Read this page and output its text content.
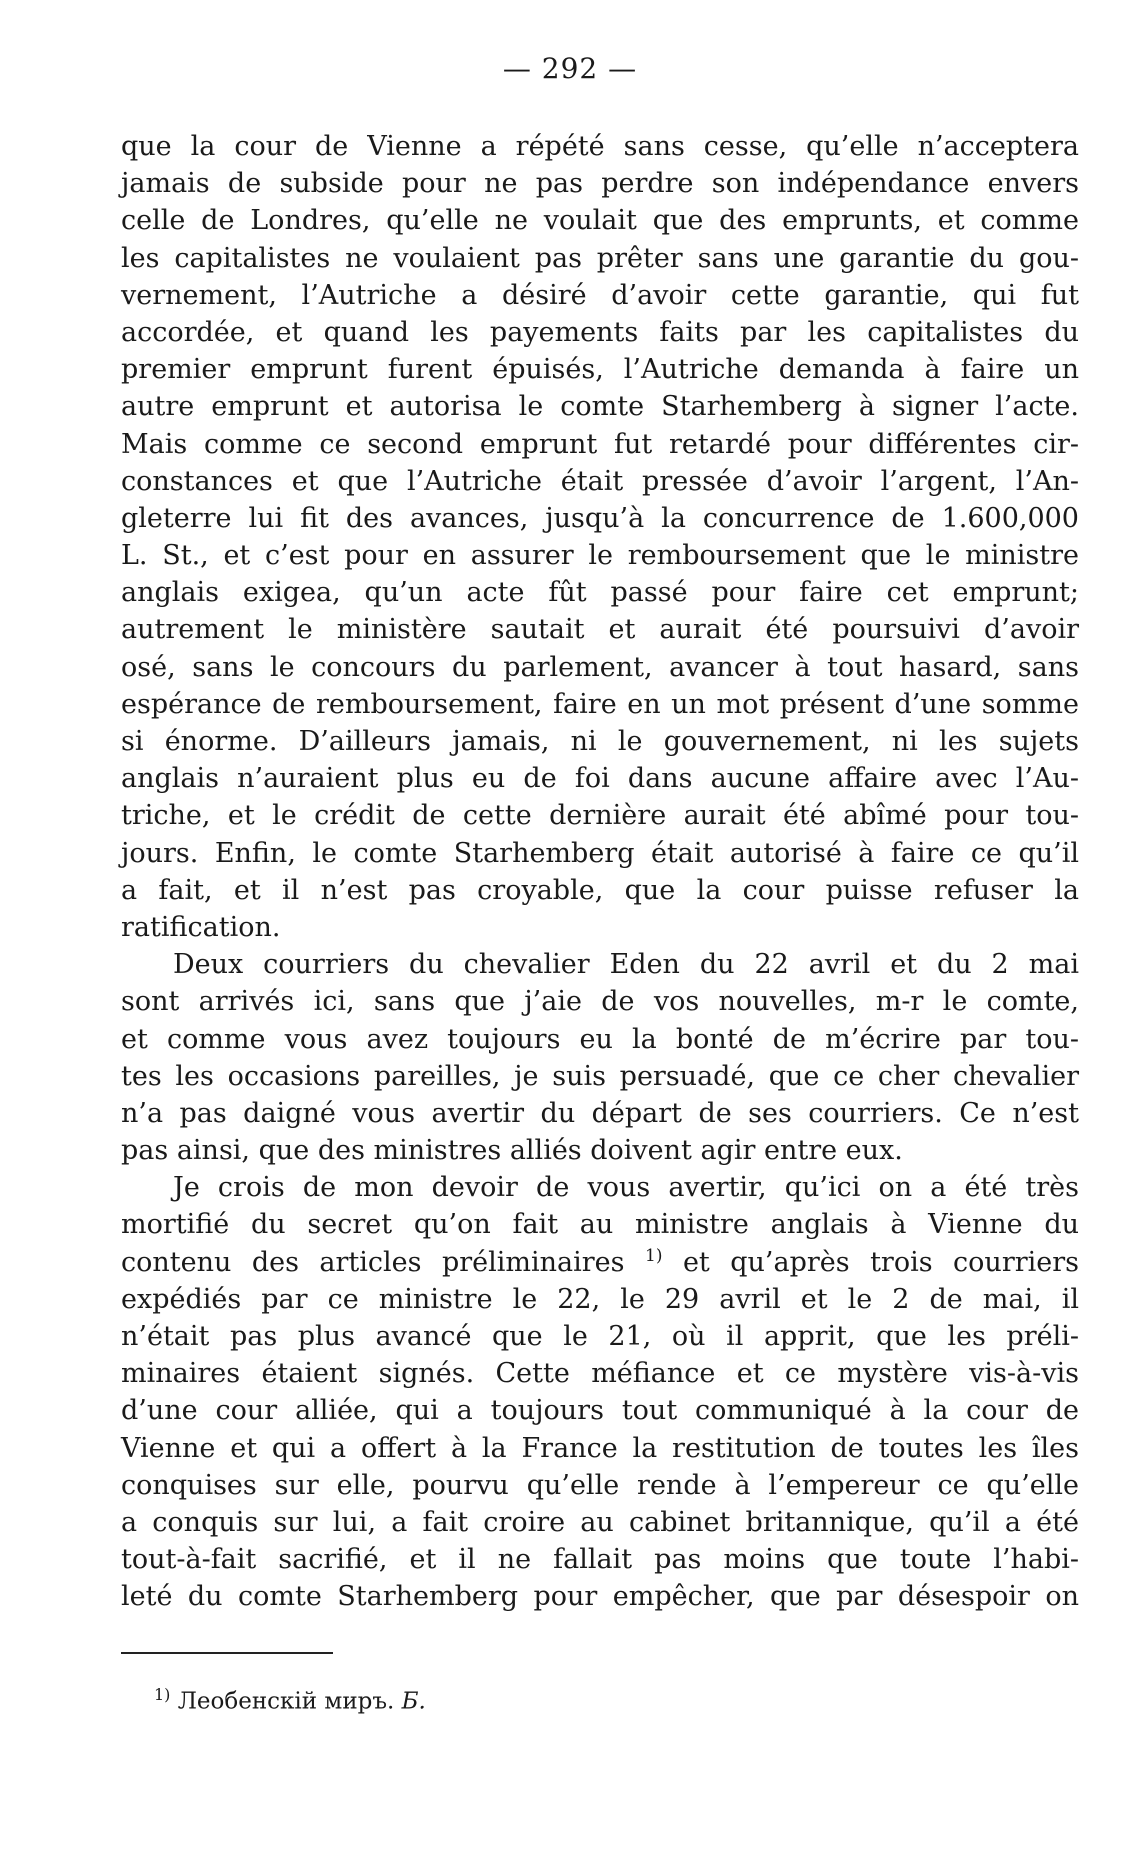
— 292 —
que la cour de Vienne a répété sans cesse, qu’elle n’acceptera
jamais de subside pour ne pas perdre son indépendance envers
celle de Londres, qu’elle ne voulait que des emprunts, et comme
les capitalistes ne voulaient pas prêter sans une garantie du gou-
vernement, l’Autriche a désiré d’avoir cette garantie, qui fut
accordée, et quand les payements faits par les capitalistes du
premier emprunt furent épuisés, l’Autriche demanda à faire un
autre emprunt et autorisa le comte Starhemberg à signer l’acte.
Mais comme ce second emprunt fut retardé pour différentes cir-
constances et que l’Autriche était pressée d’avoir l’argent, l’An-
gleterre lui fit des avances, jusqu’à la concurrence de 1.600,000
L. St., et c’est pour en assurer le remboursement que le ministre
anglais exigea, qu’un acte fût passé pour faire cet emprunt;
autrement le ministère sautait et aurait été poursuivi d’avoir
osé, sans le concours du parlement, avancer à tout hasard, sans
espérance de remboursement, faire en un mot présent d’une somme
si énorme. D’ailleurs jamais, ni le gouvernement, ni les sujets
anglais n’auraient plus eu de foi dans aucune affaire avec l’Au-
triche, et le crédit de cette dernière aurait été abîmé pour tou-
jours. Enfin, le comte Starhemberg était autorisé à faire ce qu’il
a fait, et il n’est pas croyable, que la cour puisse refuser la
ratification.
Deux courriers du chevalier Eden du 22 avril et du 2 mai
sont arrivés ici, sans que j’aie de vos nouvelles, m-r le comte,
et comme vous avez toujours eu la bonté de m’écrire par tou-
tes les occasions pareilles, je suis persuadé, que ce cher chevalier
n’a pas daigné vous avertir du départ de ses courriers. Ce n’est
pas ainsi, que des ministres alliés doivent agir entre eux.
Je crois de mon devoir de vous avertir, qu’ici on a été très
mortifié du secret qu’on fait au ministre anglais à Vienne du
contenu des articles préliminaires $^{1)}$ et qu’après trois courriers
expédiés par ce ministre le 22, le 29 avril et le 2 de mai, il
n’était pas plus avancé que le 21, où il apprit, que les préli-
minaires étaient signés. Cette méfiance et ce mystère vis-à-vis
d’une cour alliée, qui a toujours tout communiqué à la cour de
Vienne et qui a offert à la France la restitution de toutes les îles
conquises sur elle, pourvu qu’elle rende à l’empereur ce qu’elle
a conquis sur lui, a fait croire au cabinet britannique, qu’il a été
tout-à-fait sacrifié, et il ne fallait pas moins que toute l’habi-
leté du comte Starhemberg pour empêcher, que par désespoir on
$^{1)}$ Леобенскій миръ. Б.
